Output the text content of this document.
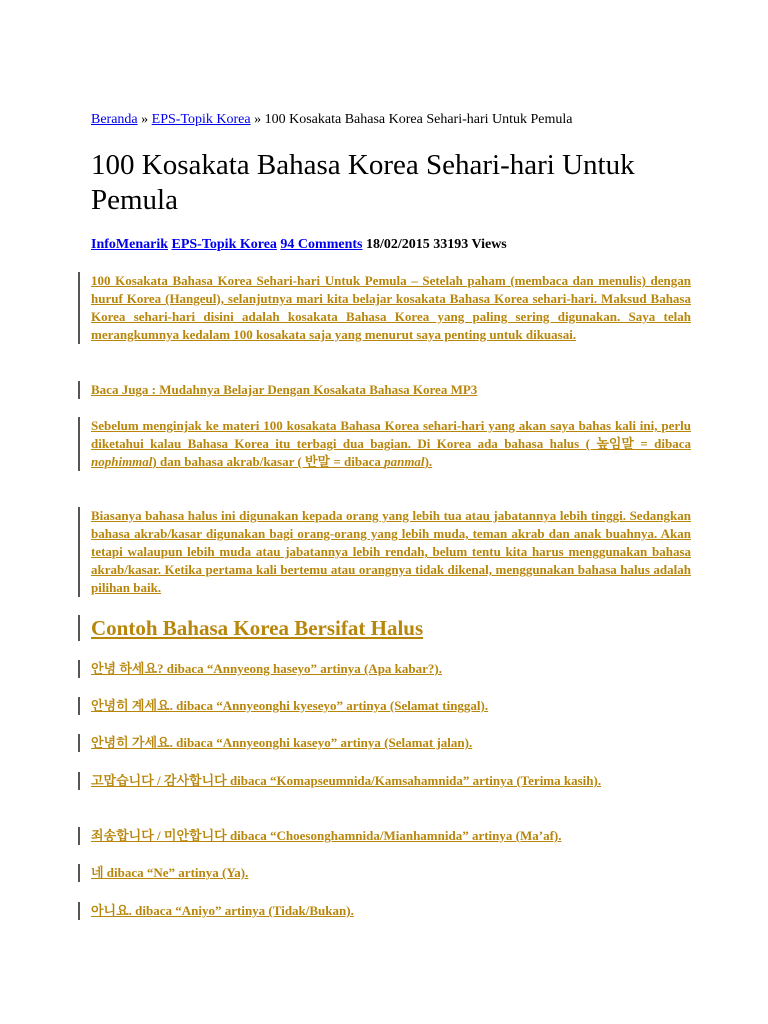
Beranda » EPS-Topik Korea » 100 Kosakata Bahasa Korea Sehari-hari Untuk Pemula
100 Kosakata Bahasa Korea Sehari-hari Untuk Pemula
InfoMenarik EPS-Topik Korea 94 Comments 18/02/2015 33193 Views
100 Kosakata Bahasa Korea Sehari-hari Untuk Pemula – Setelah paham (membaca dan menulis) dengan huruf Korea (Hangeul), selanjutnya mari kita belajar kosakata Bahasa Korea sehari-hari. Maksud Bahasa Korea sehari-hari disini adalah kosakata Bahasa Korea yang paling sering digunakan. Saya telah merangkumnya kedalam 100 kosakata saja yang menurut saya penting untuk dikuasai.
Baca Juga : Mudahnya Belajar Dengan Kosakata Bahasa Korea MP3
Sebelum menginjak ke materi 100 kosakata Bahasa Korea sehari-hari yang akan saya bahas kali ini, perlu diketahui kalau Bahasa Korea itu terbagi dua bagian. Di Korea ada bahasa halus ( 높임말 = dibaca nophimmal) dan bahasa akrab/kasar ( 반말 = dibaca panmal).
Biasanya bahasa halus ini digunakan kepada orang yang lebih tua atau jabatannya lebih tinggi. Sedangkan bahasa akrab/kasar digunakan bagi orang-orang yang lebih muda, teman akrab dan anak buahnya. Akan tetapi walaupun lebih muda atau jabatannya lebih rendah, belum tentu kita harus menggunakan bahasa akrab/kasar. Ketika pertama kali bertemu atau orangnya tidak dikenal, menggunakan bahasa halus adalah pilihan baik.
Contoh Bahasa Korea Bersifat Halus
안녕 하세요? dibaca “Annyeong haseyo” artinya (Apa kabar?).
안녕히 계세요. dibaca “Annyeonghi kyeseyo” artinya (Selamat tinggal).
안녕히 가세요. dibaca “Annyeonghi kaseyo” artinya (Selamat jalan).
고맙습니다 / 감사합니다 dibaca “Komapseumnida/Kamsahamnida” artinya (Terima kasih).
죄송합니다 / 미안합니다 dibaca “Choesonghamnida/Mianhamnida” artinya (Ma’af).
네 dibaca “Ne” artinya (Ya).
아니요. dibaca “Aniyo” artinya (Tidak/Bukan).
